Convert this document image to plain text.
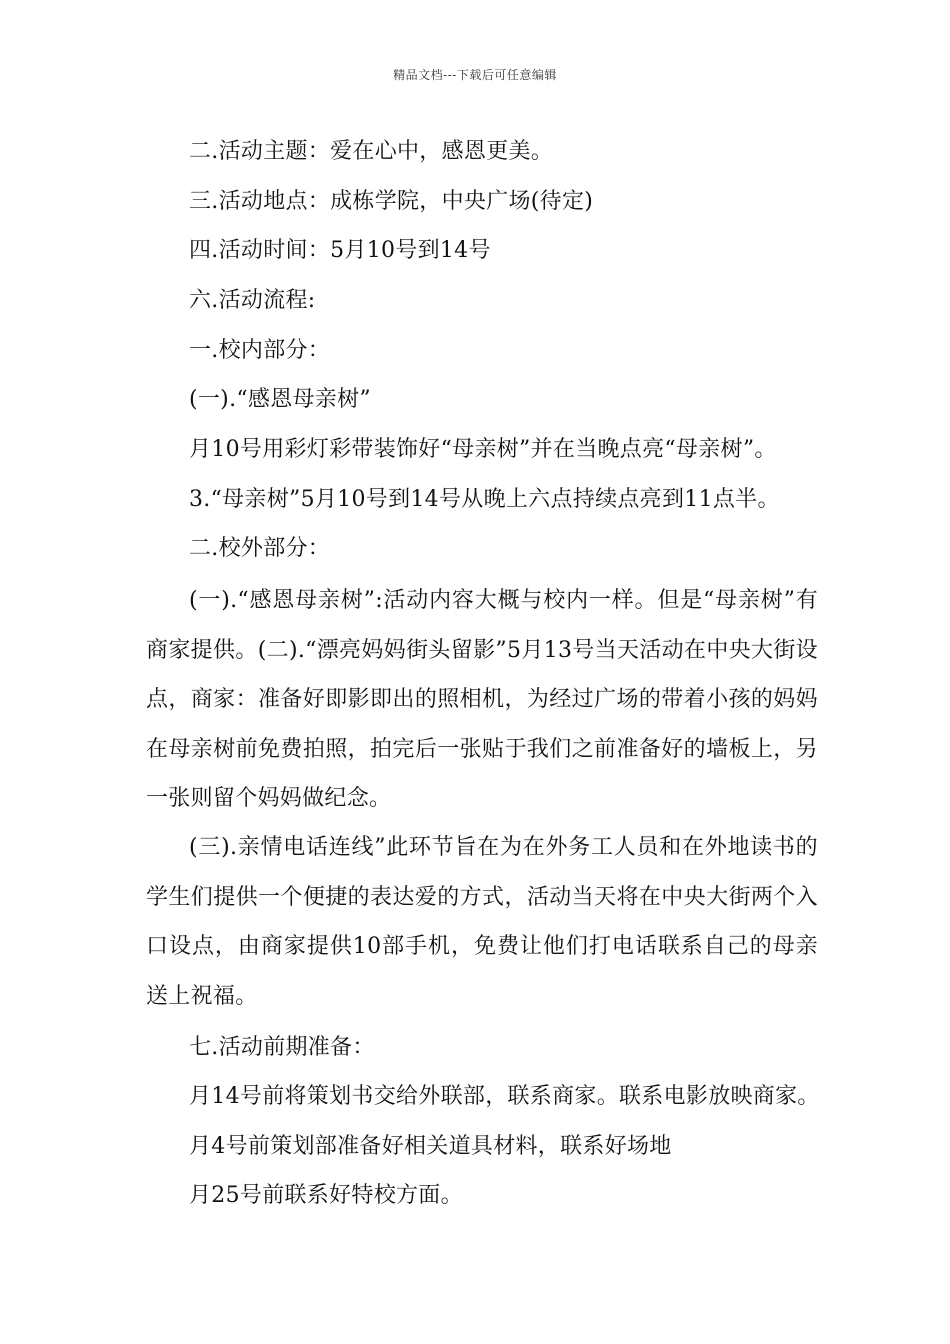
精品文档---下载后可任意编辑
二.活动主题：爱在心中，感恩更美。
三.活动地点：成栋学院，中央广场(待定)
四.活动时间：5月10号到14号
六.活动流程:
一.校内部分：
(一).“感恩母亲树”
月10号用彩灯彩带装饰好“母亲树”并在当晚点亮“母亲树”。
3.“母亲树”5月10号到14号从晚上六点持续点亮到11点半。
二.校外部分：
(一).“感恩母亲树”:活动内容大概与校内一样。但是“母亲树”有商家提供。(二).“漂亮妈妈街头留影”5月13号当天活动在中央大街设点，商家：准备好即影即出的照相机，为经过广场的带着小孩的妈妈在母亲树前免费拍照，拍完后一张贴于我们之前准备好的墙板上，另一张则留个妈妈做纪念。
(三).亲情电话连线”此环节旨在为在外务工人员和在外地读书的学生们提供一个便捷的表达爱的方式，活动当天将在中央大街两个入口设点，由商家提供10部手机，免费让他们打电话联系自己的母亲送上祝福。
七.活动前期准备：
月14号前将策划书交给外联部，联系商家。联系电影放映商家。
月4号前策划部准备好相关道具材料，联系好场地
月25号前联系好特校方面。
